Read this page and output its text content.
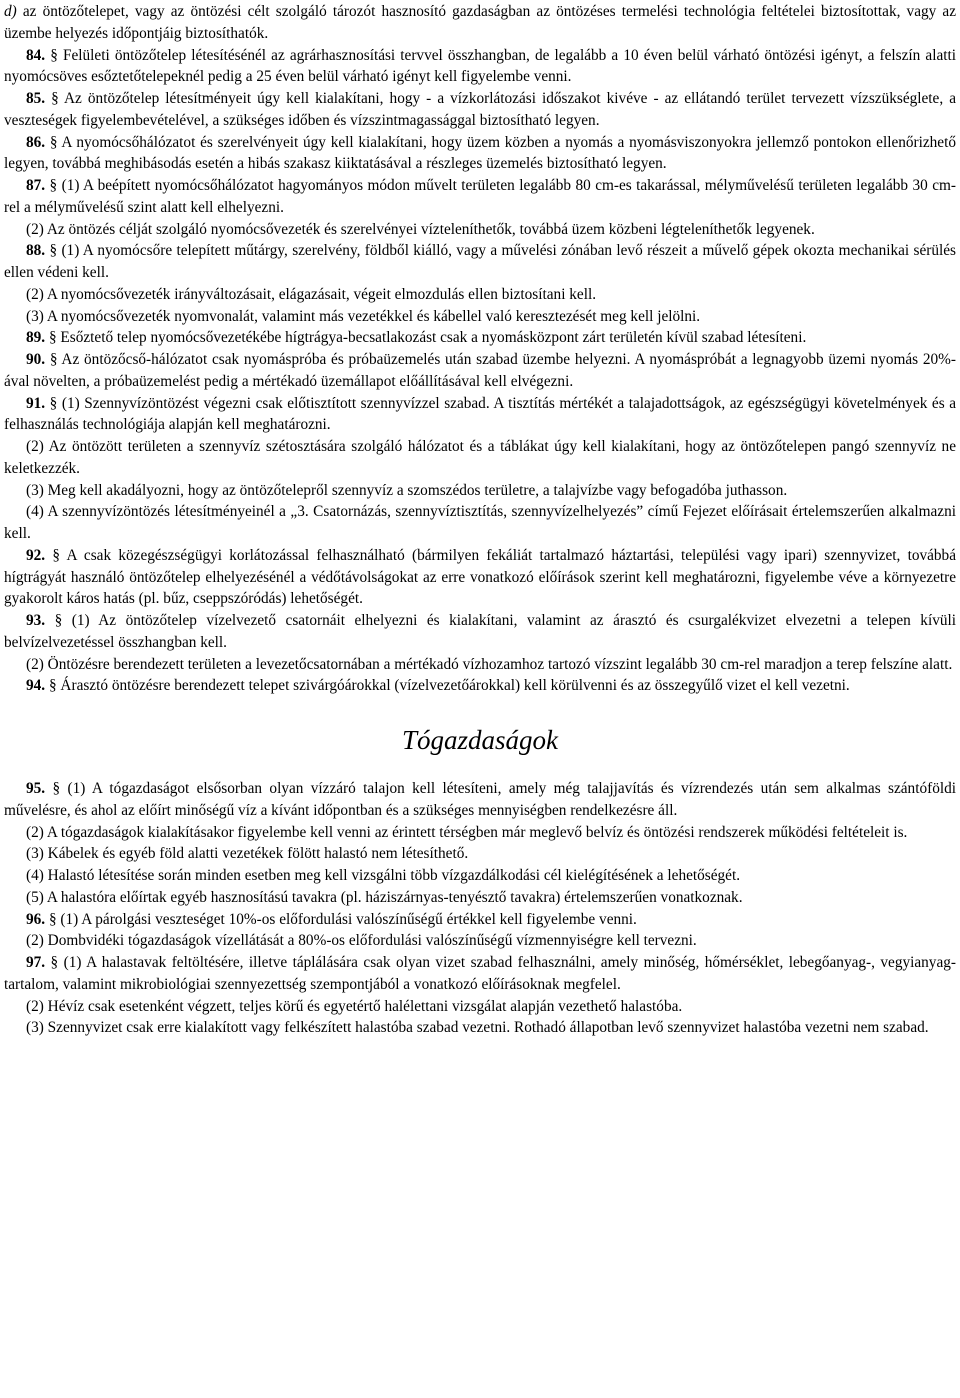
d) az öntözőtelepet, vagy az öntözési célt szolgáló tározót hasznosító gazdaságban az öntözéses termelési technológia feltételei biztosítottak, vagy az üzembe helyezés időpontjáig biztosíthatók.

84. § Felületi öntözőtelep létesítésénél az agrárhasznosítási tervvel összhangban, de legalább a 10 éven belül várható öntözési igényt, a felszín alatti nyomócsöves esőztetőtelepeknél pedig a 25 éven belül várható igényt kell figyelembe venni.

85. § Az öntözőtelep létesítményeit úgy kell kialakítani, hogy - a vízkorlátozási időszakot kivéve - az ellátandó terület tervezett vízszükséglete, a veszteségek figyelembevételével, a szükséges időben és vízszintmagassággal biztosítható legyen.

86. § A nyomócsőhálózatot és szerelvényeit úgy kell kialakítani, hogy üzem közben a nyomás a nyomásviszonyokra jellemző pontokon ellenőrizhető legyen, továbbá meghibásodás esetén a hibás szakasz kiiktatásával a részleges üzemelés biztosítható legyen.

87. § (1) A beépített nyomócsőhálózatot hagyományos módon művelt területen legalább 80 cm-es takarással, mélyművelésű területen legalább 30 cm-rel a mélyművelésű szint alatt kell elhelyezni.

(2) Az öntözés célját szolgáló nyomócsővezeték és szerelvényei vízteleníthetők, továbbá üzem közbeni légteleníthetők legyenek.

88. § (1) A nyomócsőre telepített műtárgy, szerelvény, földből kiálló, vagy a művelési zónában levő részeit a művelő gépek okozta mechanikai sérülés ellen védeni kell.

(2) A nyomócsővezeték irányváltozásait, elágazásait, végeit elmozdulás ellen biztosítani kell.

(3) A nyomócsővezeték nyomvonalát, valamint más vezetékkel és kábellel való keresztezését meg kell jelölni.

89. § Esőztető telep nyomócsővezetékébe hígtrágya-becsatlakozást csak a nyomásközpont zárt területén kívül szabad létesíteni.

90. § Az öntözőcső-hálózatot csak nyomáspróba és próbaüzemelés után szabad üzembe helyezni. A nyomáspróbát a legnagyobb üzemi nyomás 20%-ával növelten, a próbaüzemelést pedig a mértékadó üzemállapot előállításával kell elvégezni.

91. § (1) Szennyvízöntözést végezni csak előtisztított szennyvízzel szabad. A tisztítás mértékét a talajadottságok, az egészségügyi követelmények és a felhasználás technológiája alapján kell meghatározni.

(2) Az öntözött területen a szennyvíz szétosztására szolgáló hálózatot és a táblákat úgy kell kialakítani, hogy az öntözőtelepen pangó szennyvíz ne keletkezzék.

(3) Meg kell akadályozni, hogy az öntözőtelepről szennyvíz a szomszédos területre, a talajvízbe vagy befogadóba juthasson.

(4) A szennyvízöntözés létesítményeinél a „3. Csatornázás, szennyvíztisztítás, szennyvízelhelyezés” című Fejezet előírásait értelemszerűen alkalmazni kell.

92. § A csak közegészségügyi korlátozással felhasználható (bármilyen fekáliát tartalmazó háztartási, települési vagy ipari) szennyvizet, továbbá hígtrágyát használó öntözőtelep elhelyezésénél a védőtávolságokat az erre vonatkozó előírások szerint kell meghatározni, figyelembe véve a környezetre gyakorolt káros hatás (pl. bűz, cseppszóródás) lehetőségét.

93. § (1) Az öntözőtelep vízelvezető csatornáit elhelyezni és kialakítani, valamint az árasztó és csurgalékvizet elvezetni a telepen kívüli belvízelvezetéssel összhangban kell.

(2) Öntözésre berendezett területen a levezetőcsatornában a mértékadó vízhozamhoz tartozó vízszint legalább 30 cm-rel maradjon a terep felszíne alatt.

94. § Árasztó öntözésre berendezett telepet szivárgóárokkal (vízelvezetőárokkal) kell körülvenni és az összegyűlő vizet el kell vezetni.

Tógazdaságok

95. § (1) A tógazdaságot elsősorban olyan vízzáró talajon kell létesíteni, amely még talajjavítás és vízrendezés után sem alkalmas szántóföldi művelésre, és ahol az előírt minőségű víz a kívánt időpontban és a szükséges mennyiségben rendelkezésre áll.

(2) A tógazdaságok kialakításakor figyelembe kell venni az érintett térségben már meglevő belvíz és öntözési rendszerek működési feltételeit is.

(3) Kábelek és egyéb föld alatti vezetékek fölött halastó nem létesíthető.

(4) Halastó létesítése során minden esetben meg kell vizsgálni több vízgazdálkodási cél kielégítésének a lehetőségét.

(5) A halastóra előírtak egyéb hasznosítású tavakra (pl. háziszárnyas-tenyésztő tavakra) értelemszerűen vonatkoznak.

96. § (1) A párolgási veszteséget 10%-os előfordulási valószínűségű értékkel kell figyelembe venni.

(2) Dombvidéki tógazdaságok vízellátását a 80%-os előfordulási valószínűségű vízmennyiségre kell tervezni.

97. § (1) A halastavak feltöltésére, illetve táplálására csak olyan vizet szabad felhasználni, amely minőség, hőmérséklet, lebegőanyag-, vegyianyag-tartalom, valamint mikrobiológiai szennyezettség szempontjából a vonatkozó előírásoknak megfelel.

(2) Hévíz csak esetenként végzett, teljes körű és egyetértő halélettani vizsgálat alapján vezethető halastóba.

(3) Szennyvizet csak erre kialakított vagy felkészített halastóba szabad vezetni. Rothadó állapotban levő szennyvizet halastóba vezetni nem szabad.
